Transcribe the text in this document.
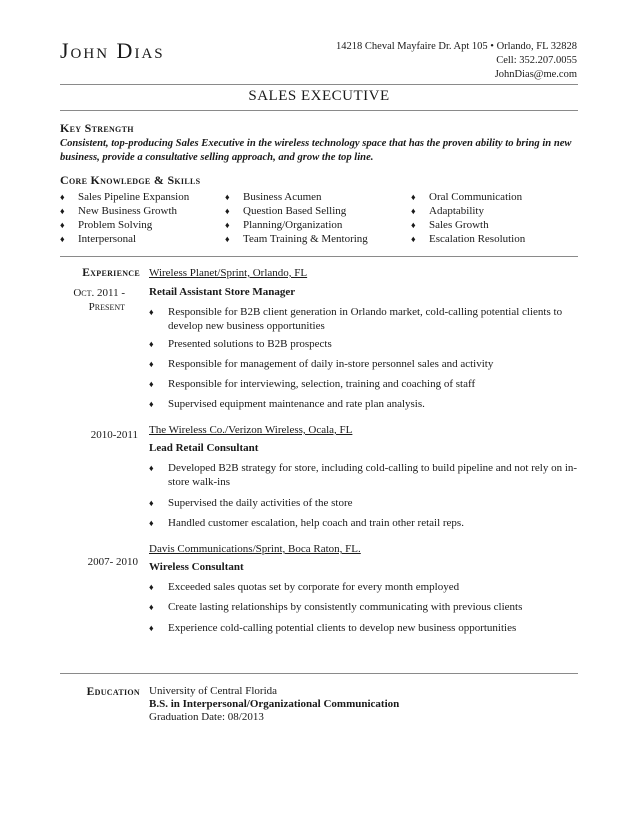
John Dias	14218 Cheval Mayfaire Dr. Apt 105 • Orlando, FL 32828
Cell: 352.207.0055
JohnDias@me.com
SALES EXECUTIVE
Key Strength
Consistent, top-producing Sales Executive in the wireless technology space that has the proven ability to bring in new business, provide a consultative selling approach, and grow the top line.
Core Knowledge & Skills
♦ Sales Pipeline Expansion
♦ New Business Growth
♦ Problem Solving
♦ Interpersonal
♦ Business Acumen
♦ Question Based Selling
♦ Planning/Organization
♦ Team Training & Mentoring
♦ Oral Communication
♦ Adaptability
♦ Sales Growth
♦ Escalation Resolution
Experience
Oct. 2011 -
Present
Wireless Planet/Sprint, Orlando, FL
Retail Assistant Store Manager
♦ Responsible for B2B client generation in Orlando market, cold-calling potential clients to develop new business opportunities
♦ Presented solutions to B2B prospects
♦ Responsible for management of daily in-store personnel sales and activity
♦ Responsible for interviewing, selection, training and coaching of staff
♦ Supervised equipment maintenance and rate plan analysis.
2010-2011 The Wireless Co./Verizon Wireless, Ocala, FL
Lead Retail Consultant
♦ Developed B2B strategy for store, including cold-calling to build pipeline and not rely on in-store walk-ins
♦ Supervised the daily activities of the store
♦ Handled customer escalation, help coach and train other retail reps.
2007- 2010
Davis Communications/Sprint, Boca Raton, FL.
Wireless Consultant
♦ Exceeded sales quotas set by corporate for every month employed
♦ Create lasting relationships by consistently communicating with previous clients
♦ Experience cold-calling potential clients to develop new business opportunities
Education University of Central Florida
B.S. in Interpersonal/Organizational Communication
Graduation Date: 08/2013
